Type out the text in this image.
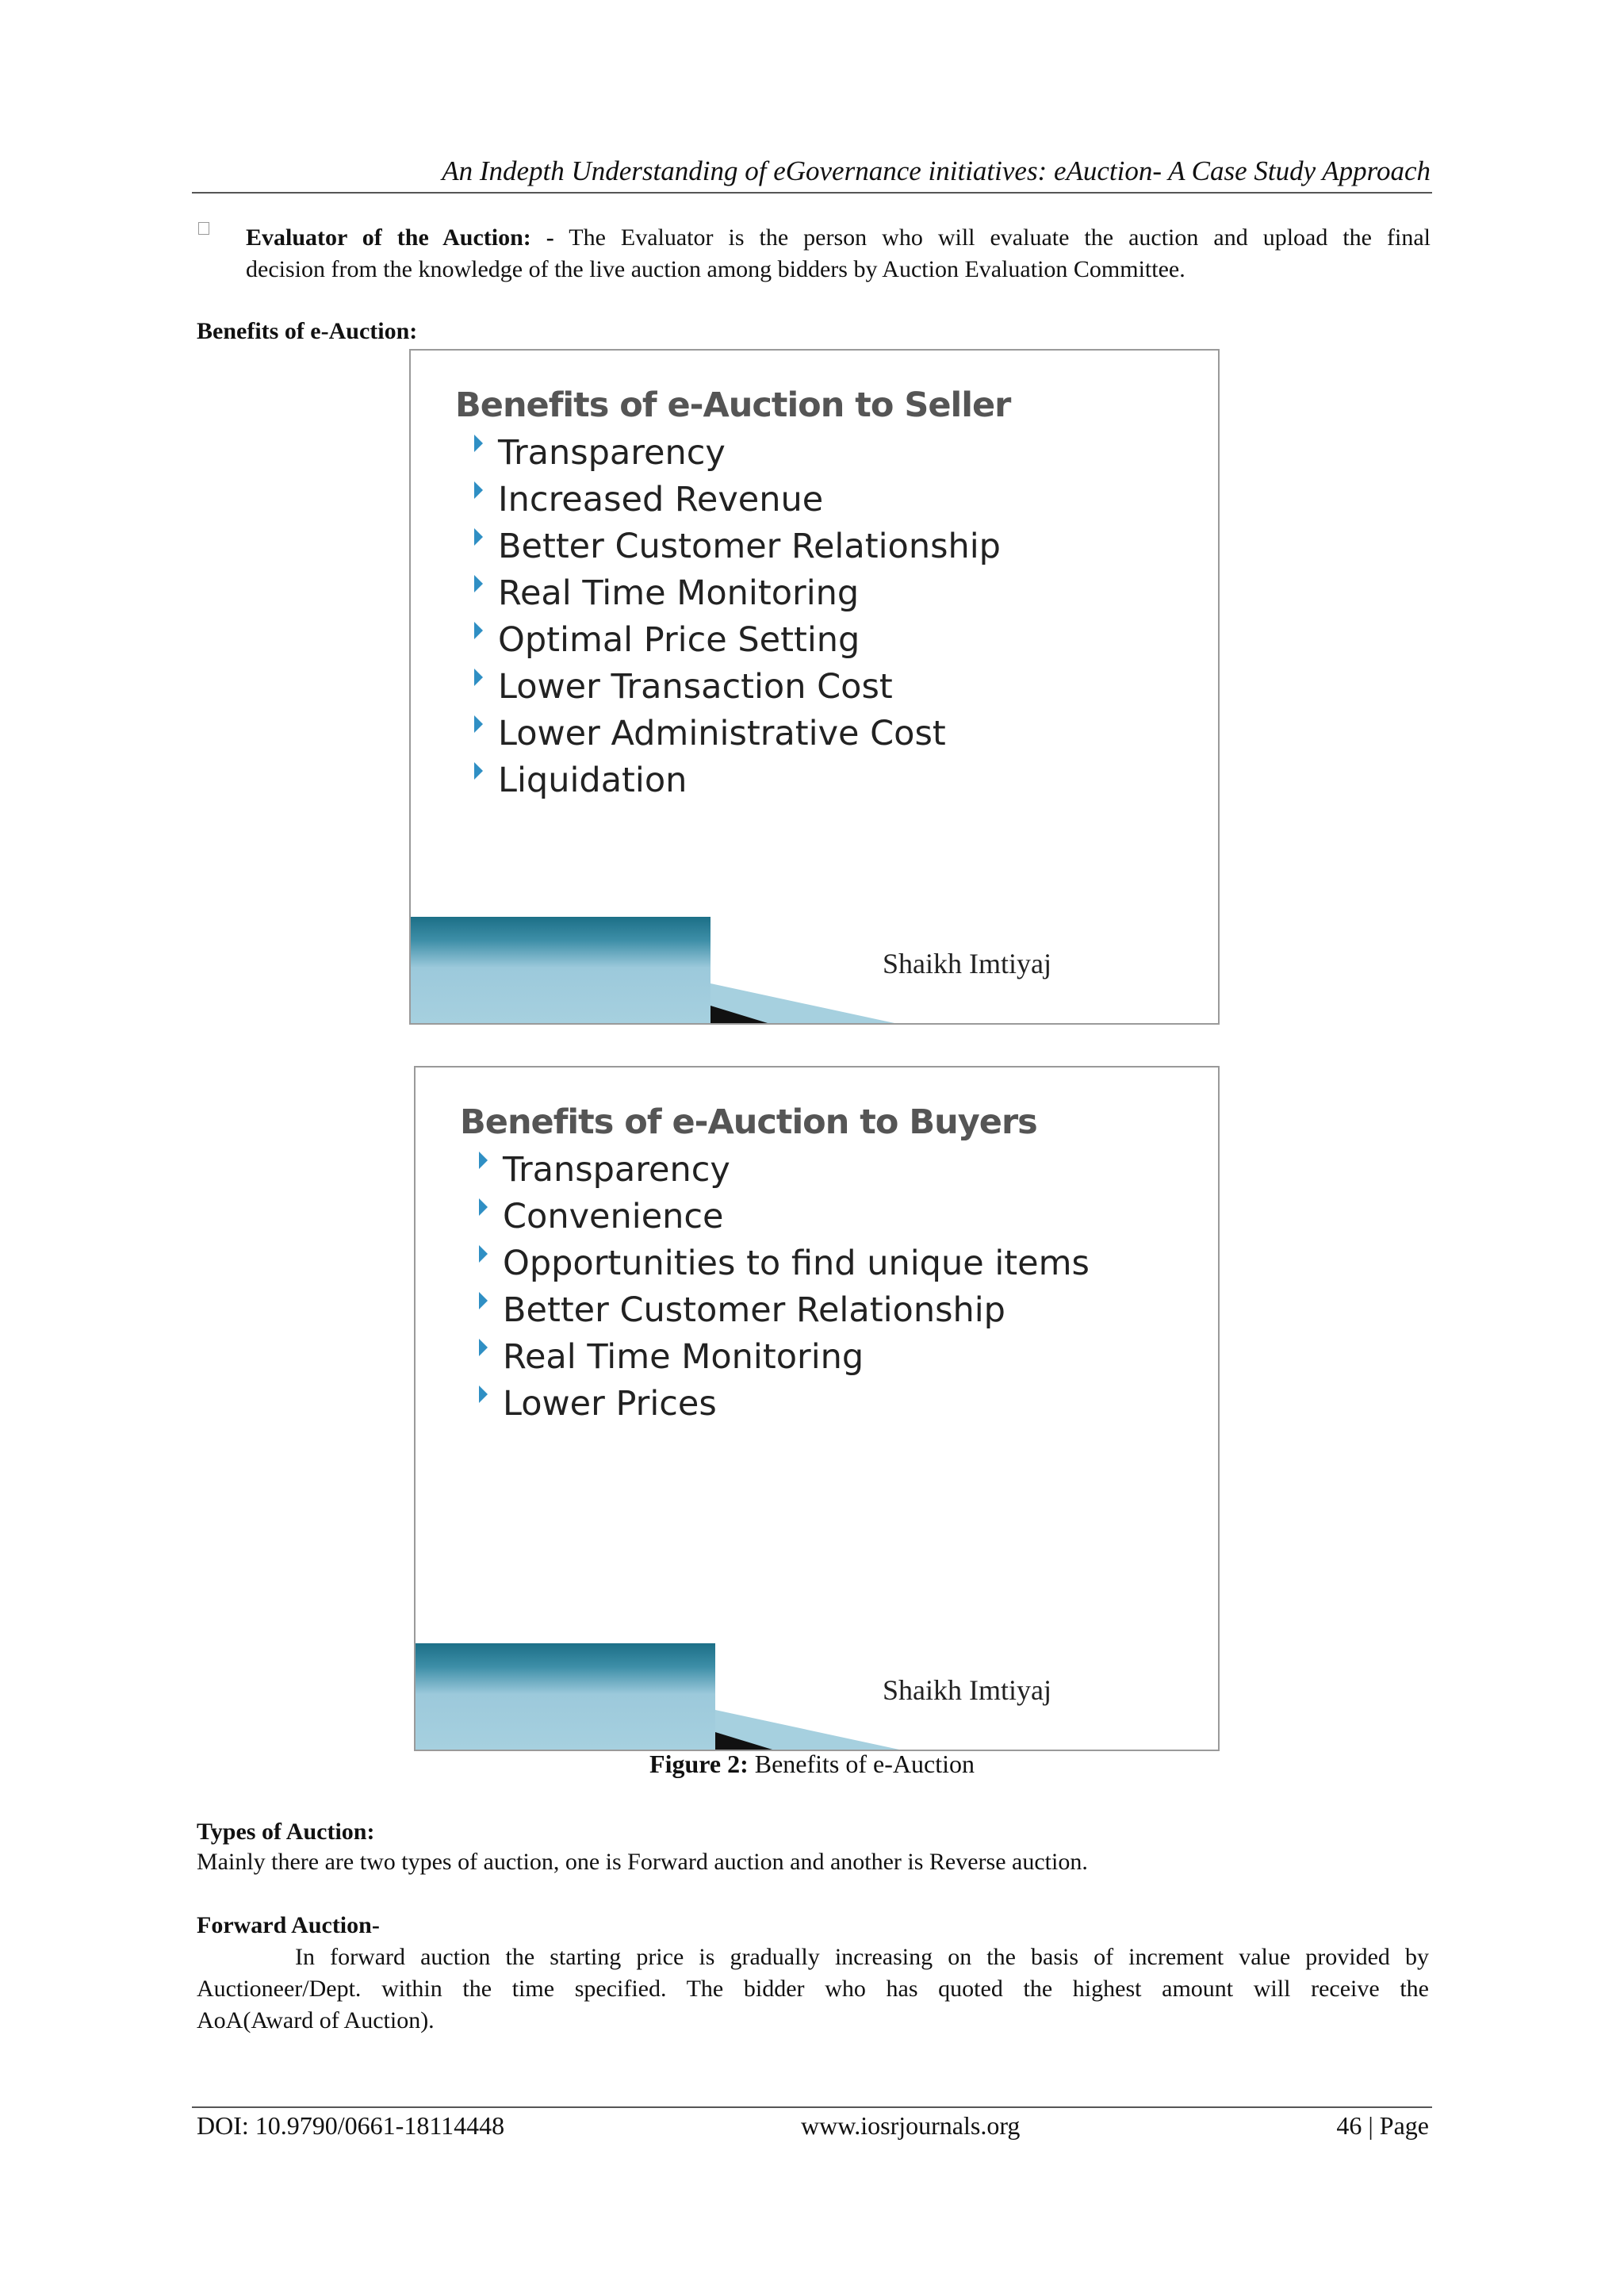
An Indepth Understanding of eGovernance initiatives: eAuction- A Case Study Approach
Evaluator of the Auction: - The Evaluator is the person who will evaluate the auction and upload the final
decision from the knowledge of the live auction among bidders by Auction Evaluation Committee.
Benefits of e-Auction:
Benefits of e-Auction to Seller
Transparency
Increased Revenue
Better Customer Relationship
Real Time Monitoring
Optimal Price Setting
Lower Transaction Cost
Lower Administrative Cost
Liquidation
Shaikh Imtiyaj
Benefits of e-Auction to Buyers
Transparency
Convenience
Opportunities to find unique items
Better Customer Relationship
Real Time Monitoring
Lower Prices
Shaikh Imtiyaj
Figure 2: Benefits of e-Auction
Types of Auction:
Mainly there are two types of auction, one is Forward auction and another is Reverse auction.
Forward Auction-
In forward auction the starting price is gradually increasing on the basis of increment value provided by
Auctioneer/Dept. within the time specified. The bidder who has quoted the highest amount will receive the
AoA(Award of Auction).
DOI: 10.9790/0661-18114448	www.iosrjournals.org	46 | Page
